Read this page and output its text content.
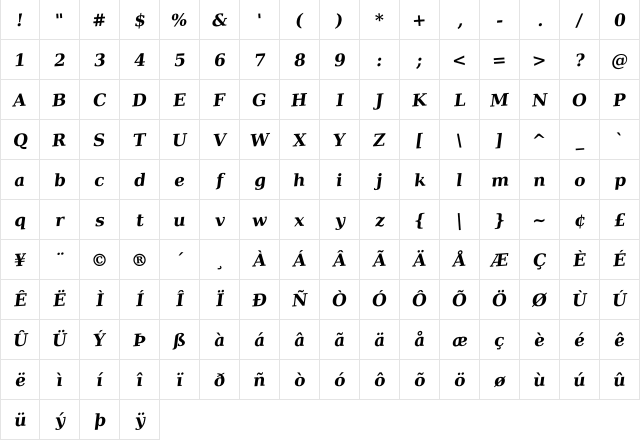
! " # $ % & ' ( ) * + , - . / 0
1 2 3 4 5 6 7 8 9 : ; < = > ? @
A B C D E F G H I J K L M N O P
Q R S T U V W X Y Z [ \ ] ^ _ `
a b c d e f g h i j k l m n o p
q r s t u v w x y z { | } ~ ¢ £
¥ ¨ © ® ´ ¸ À Á Â Ã Ä Å Æ Ç È É
Ê Ë Ì Í Î Ï Ð Ñ Ò Ó Ô Õ Ö Ø Ù Ú
Û Ü Ý Þ ß à á â ã ä å æ ç è é ê
ë ì í î ï ð ñ ò ó ô õ ö ø ù ú û
ü ý þ ÿ
